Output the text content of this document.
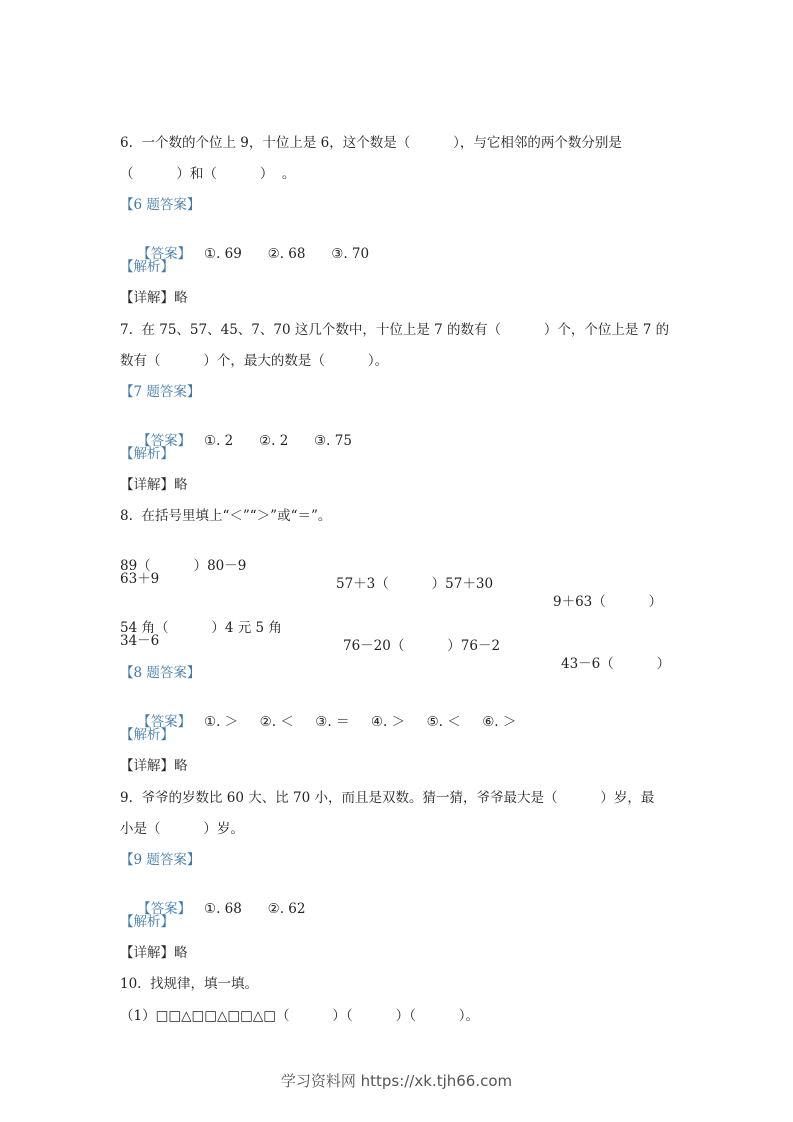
6.  一个数的个位上 9，十位上是 6，这个数是（          ），与它相邻的两个数分别是
（          ）和（          ）  。
【6 题答案】

【答案】 ①. 69      ②. 68      ③. 70

【解析】
【详解】略
7.  在 75、57、45、7、70 这几个数中，十位上是 7 的数有（          ）个，个位上是 7 的
数有（          ）个，最大的数是（          ）。
【7 题答案】

【答案】 ①. 2      ②. 2      ③. 75

【解析】
【详解】略
8.  在括号里填上“＜”“＞”或“＝”。

89（          ）80－9

57＋3（          ）57＋30

9＋63（          ）

63＋9

54 角（          ）4 元 5 角

76－20（          ）76－2

43－6（          ）

34－6
【8 题答案】

【答案】 ①. ＞     ②. ＜     ③. ＝     ④. ＞     ⑤. ＜     ⑥. ＞

【解析】
【详解】略
9.  爷爷的岁数比 60 大、比 70 小，而且是双数。猜一猜，爷爷最大是（          ）岁，最
小是（          ）岁。
【9 题答案】

【答案】 ①. 68      ②. 62

【解析】
【详解】略
10.  找规律，填一填。
（1）□□△□□△□□△□（          ）（          ）（          ）。
学习资料网 https://xk.tjh66.com
